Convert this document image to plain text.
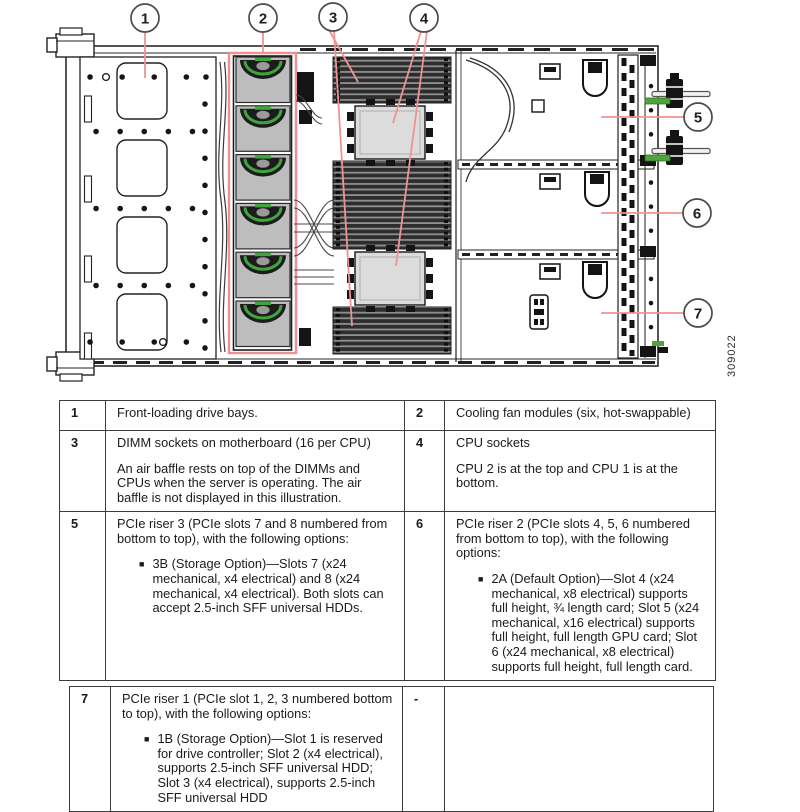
1	2	3	4
5
6
7
309022
1	Front-loading drive bays.	2	Cooling fan modules (six, hot-swappable)

3	DIMM sockets on motherboard (16 per CPU)

An air baffle rests on top of the DIMMs and CPUs when the server is operating. The air baffle is not displayed in this illustration.

	4	CPU sockets

CPU 2 is at the top and CPU 1 is at the bottom.

5	PCIe riser 3 (PCIe slots 7 and 8 numbered from bottom to top), with the following options:

■ 3B (Storage Option)—Slots 7 (x24 mechanical, x4 electrical) and 8 (x24 mechanical, x4 electrical). Both slots can accept 2.5-inch SFF universal HDDs.
	6	PCIe riser 2 (PCIe slots 4, 5, 6 numbered from bottom to top), with the following options:

■ 2A (Default Option)—Slot 4 (x24 mechanical, x8 electrical) supports full height, ¾ length card; Slot 5 (x24 mechanical, x16 electrical) supports full height, full length GPU card; Slot 6 (x24 mechanical, x8 electrical) supports full height, full length card.
7	PCIe riser 1 (PCIe slot 1, 2, 3 numbered bottom to top), with the following options:

■ 1B (Storage Option)—Slot 1 is reserved for drive controller; Slot 2 (x4 electrical), supports 2.5-inch SFF universal HDD; Slot 3 (x4 electrical), supports 2.5-inch SFF universal HDD
	-	
